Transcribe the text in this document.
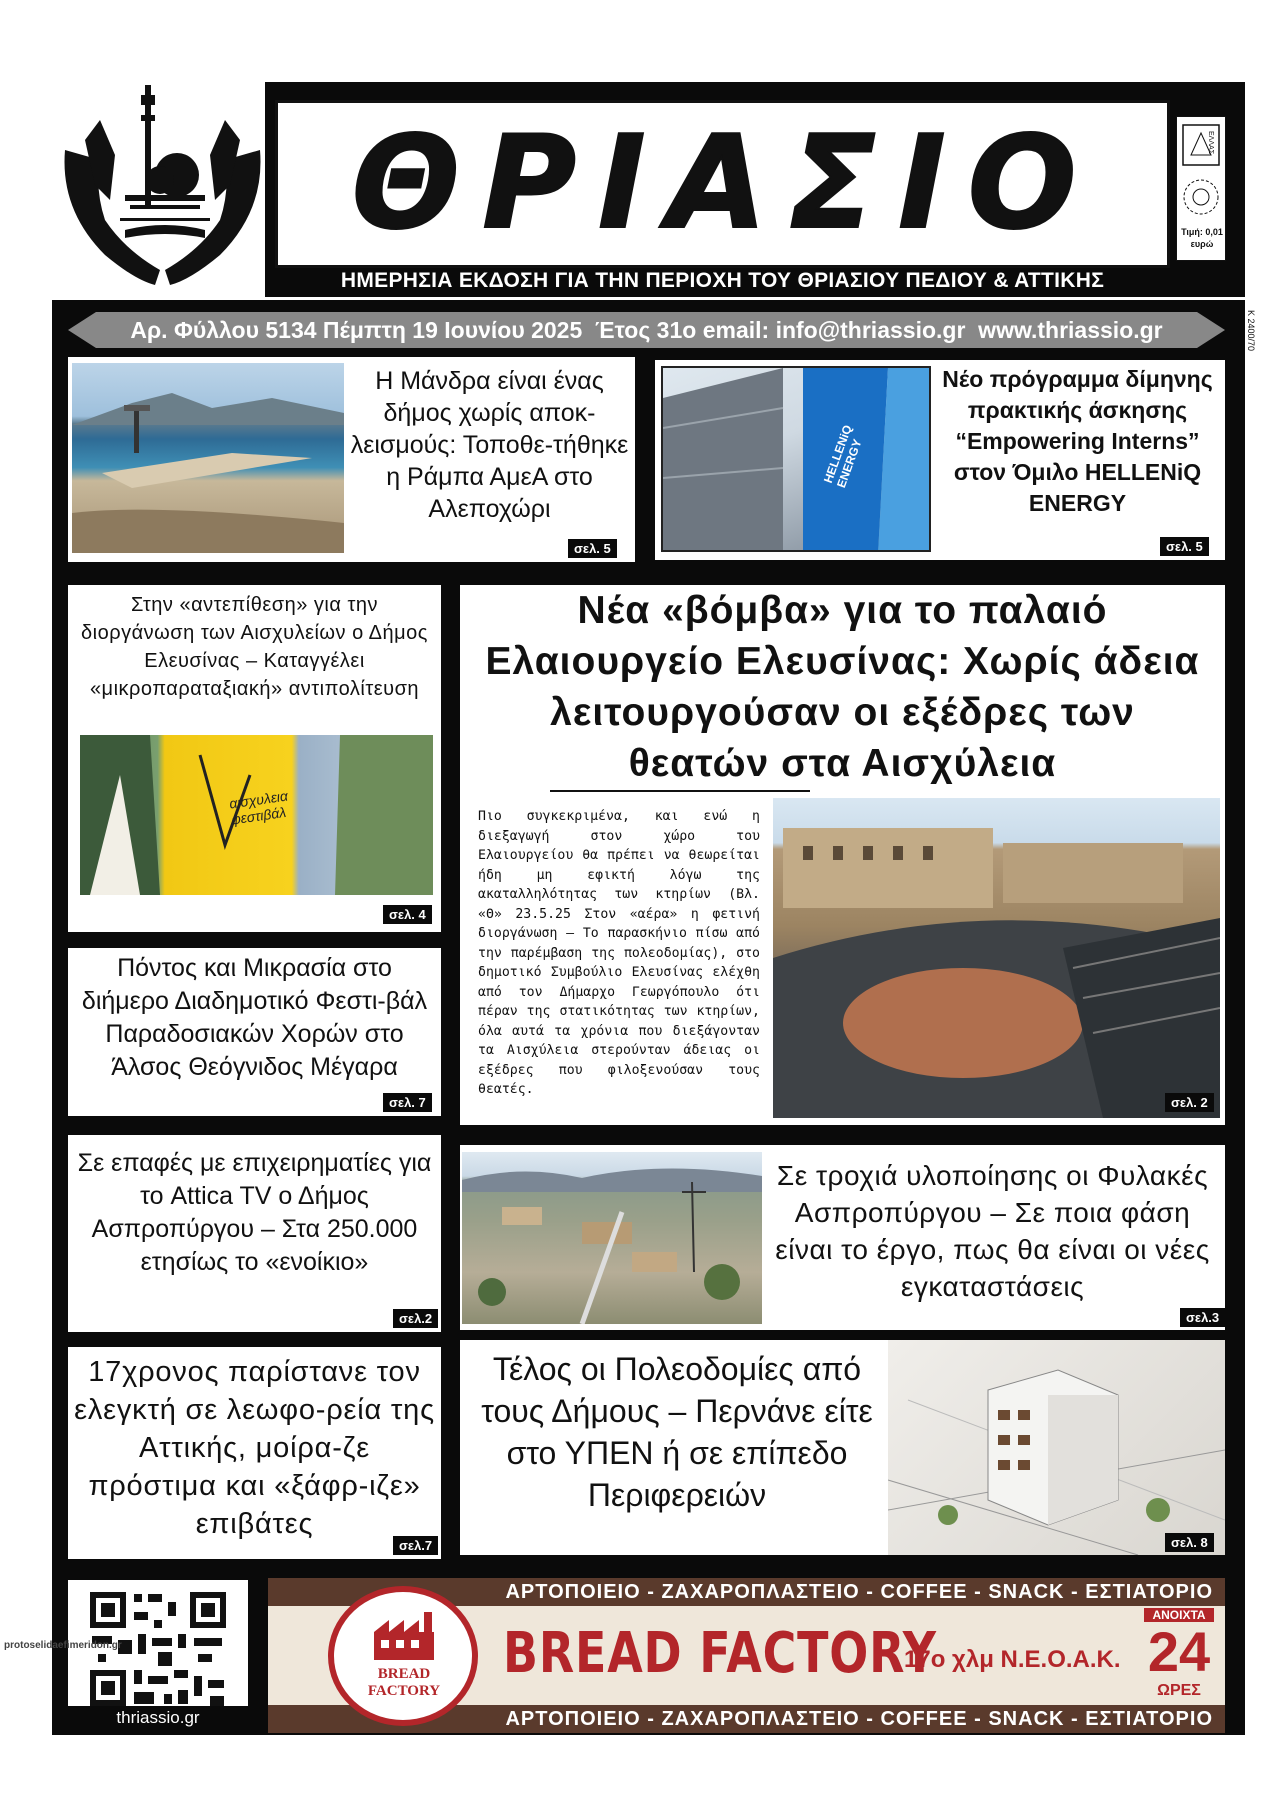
ΘΡΙΑΣΙΟ
ΗΜΕΡΗΣΙΑ ΕΚΔΟΣΗ ΓΙΑ ΤΗΝ ΠΕΡΙΟΧΗ ΤΟΥ ΘΡΙΑΣΙΟΥ ΠΕΔΙΟΥ & ΑΤΤΙΚΗΣ
ΕΛΛΑΣ
Τιμή: 0,01
ευρώ
Αρ. Φύλλου 5134 Πέμπτη 19 Ιουνίου 2025  Έτος 31ο email: info@thriassio.gr  www.thriassio.gr	Κ 2400/70
Η Μάνδρα είναι ένας δήμος χωρίς αποκ-λεισμούς: Τοποθε-τήθηκε η Ράμπα ΑμεΑ στο Αλεποχώρι
σελ. 5
HELLENiQ ENERGY
Νέο πρόγραμμα δίμηνης πρακτικής άσκησης “Empowering Interns” στον Όμιλο HELLENiQ ENERGY
σελ. 5
Στην «αντεπίθεση» για την διοργάνωση των Αισχυλείων ο Δήμος Ελευσίνας – Καταγγέλει «μικροπαραταξιακή» αντιπολίτευση
αισχυλεια φεστιβάλ
σελ. 4
Νέα «βόμβα» για το παλαιό Ελαιουργείο Ελευσίνας: Χωρίς άδεια λειτουργούσαν οι εξέδρες των θεατών στα Αισχύλεια
Πιο συγκεκριμένα, και ενώ η διεξαγωγή στον χώρο του Ελαιουργείου θα πρέπει να θεωρείται ήδη μη εφικτή λόγω της ακαταλληλότητας των κτηρίων (Βλ. «Θ» 23.5.25 Στον «αέρα» η φετινή διοργάνωση – Το παρασκήνιο πίσω από την παρέμβαση της πολεοδομίας), στο δημοτικό Συμβούλιο Ελευσίνας ελέχθη από τον Δήμαρχο Γεωργόπουλο ότι πέραν της στατικότητας των κτηρίων, όλα αυτά τα χρόνια που διεξάγονταν τα Αισχύλεια στερούνταν άδειας οι εξέδρες που φιλοξενούσαν τους θεατές.
σελ. 2
Πόντος και Μικρασία στο διήμερο Διαδημοτικό Φεστι-βάλ Παραδοσιακών Χορών στο Άλσος Θεόγνιδος Μέγαρα
σελ. 7
Σε επαφές με επιχειρηματίες για το Attica TV ο Δήμος Ασπροπύργου – Στα 250.000 ετησίως το «ενοίκιο»
σελ.2
Σε τροχιά υλοποίησης οι Φυλακές Ασπροπύργου – Σε ποια φάση είναι το έργο, πως θα είναι οι νέες εγκαταστάσεις
σελ.3
17χρονος παρίστανε τον ελεγκτή σε λεωφο-ρεία της Αττικής, μοίρα-ζε πρόστιμα και «ξάφρ-ιζε» επιβάτες
σελ.7
Τέλος οι Πολεοδομίες από τους Δήμους – Περνάνε είτε στο ΥΠΕΝ ή σε επίπεδο Περιφερειών
σελ. 8
thriassio.gr
protoselidaefimeridon.gr
ΑΡΤΟΠΟΙΕΙΟ - ΖΑΧΑΡΟΠΛΑΣΤΕΙΟ - COFFEE - SNACK - ΕΣΤΙΑΤΟΡΙΟ
ΑΡΤΟΠΟΙΕΙΟ - ΖΑΧΑΡΟΠΛΑΣΤΕΙΟ - COFFEE - SNACK - ΕΣΤΙΑΤΟΡΙΟ
BREAD FACTORY
BREAD FACTORY
17ο χλμ Ν.Ε.Ο.Α.Κ.
ΑΝΟΙΧΤΑ
24
ΩΡΕΣ
